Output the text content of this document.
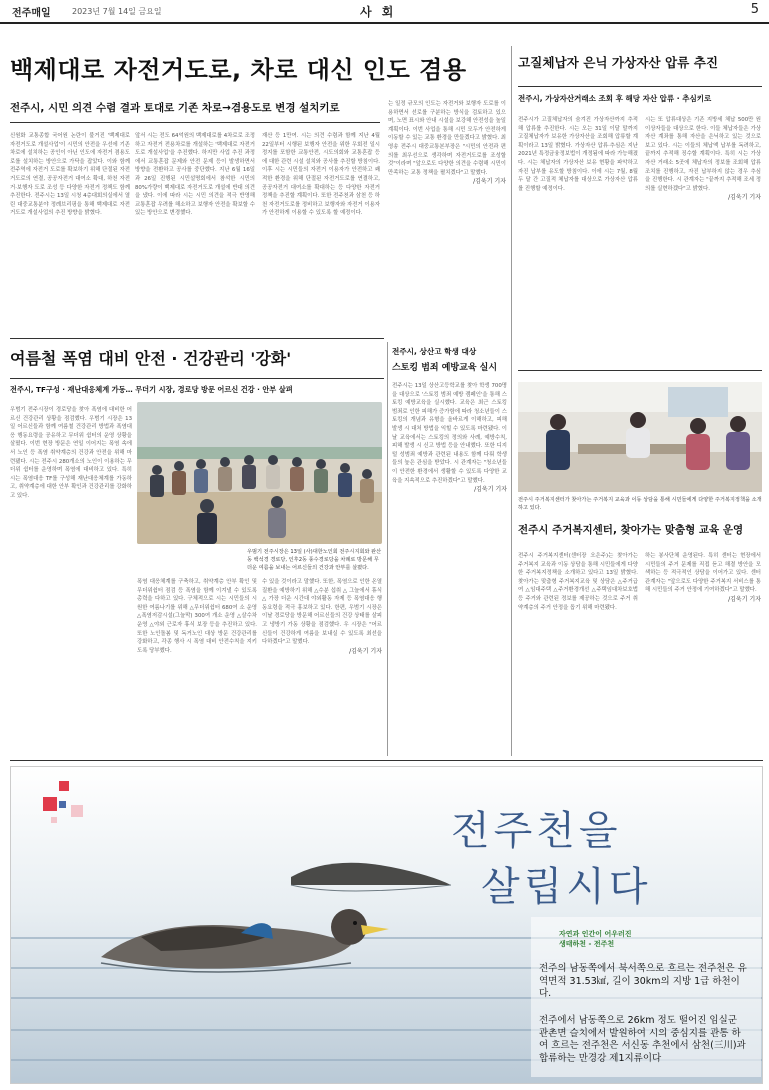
전주매일	2023년 7월 14일 금요일	사 회	5
백제대로 자전거도로, 차로 대신 인도 겸용
전주시, 시민 의견 수렴 결과 토대로 기존 차로→겸용도로 변경 설치키로

신원화 교통종합 국어원 논란이 불거진 '백제대로 자전거도로 개설사업'이 시민의 안전을 우선에 기존 차로에 설치하는 공인이 아닌 인도에 자전거 겸용도로를 설치하는 방안으로 가닥을 잡았다. 이와 함께 전주역에 자전거 도로를 확보하기 위해 단절된 자전거도로의 연결, 공공자전거 대여소 확대, 하천 자전거·보행자 도로 조성 등 다양한 자전거 정책도 함께 추진한다. 전주시는 13일 시청 4층대회의실에서 열린 대중교통분야 정례브리핑을 통해 백제대로 자전거도로 개설사업의 추진 방향을 밝혔다.

앞서 시는 전도 64억원의 백제대로를 4차로로 조정하고 자전거 전용차로를 개설하는 '백제대로 자전거도로 개설사업'을 추진했다. 하지만 사업 추진 과정에서 교통혼잡 문제와 안전 문제 등이 발생하면서 방향을 전환하고 공사를 중단했다. 지난 6월 16일과 26일 진행된 시민설명회에서 참석한 시민의 80%가량이 백제대로 자전거도로 개설에 반대 의견을 냈다. 이에 따라 시는 시민 의견을 적극 반영해 교통혼잡 우려를 해소하고 보행자 안전을 확보할 수 있는 방안으로 변경했다.

재산 등 1만여. 시는 의견 수렴과 함께 지난 4월 22일부터 시행된 보행자 안전을 위한 우회전 일시 정지를 포함한 교통안전, 시도의회와 교통혼잡 등에 대한 관련 시설 설치와 공사를 추진할 방침이다. 이후 시는 시민들의 자전거 이용자가 안전하고 쾌적한 환경을 위해 단절된 자전거도로를 연결하고, 공공자전거 대여소를 확대하는 등 다양한 자전거 정책을 추진할 계획이다. 또한 전주천과 삼천 등 하천 자전거도로를 정비하고 보행자와 자전거 이용자가 안전하게 이용할 수 있도록 할 예정이다.

는 일정 규모의 인도는 자전거와 보행자 도로를 이용하면서 선로를 구분하는 방식을 검토하고 있으며, 노면 표시와 안내 시설을 보강해 안전성을 높일 계획이다. 이번 사업을 통해 시민 모두가 안전하게 이동할 수 있는 교통 환경을 만들겠다고 밝혔다. 최영송 전주시 대중교통본부장은 "시민의 안전과 편의를 최우선으로 생각하며 자전거도로를 조성할 것"이라며 "앞으로도 다양한 의견을 수렴해 시민이 만족하는 교통 정책을 펼치겠다"고 말했다.

/김욱기 기자
고질체납자 은닉 가상자산 압류 추진
전주시, 가상자산거래소 조회 후 해당 자산 압류 · 추심키로

전주시가 고질체납자의 숨겨진 가상자산까지 추적해 압류를 추진한다. 시는 오는 31일 이달 말까지 고질체납자가 보유한 가상자산을 조회해 압류할 계획이라고 13일 밝혔다. 가상자산 압류·추심은 지난 2021년 특정금융정보법이 개정됨에 따라 가능해졌다. 시는 체납자의 가상자산 보유 현황을 파악하고 자진 납부를 유도할 방침이다. 이에 시는 7월, 8월 두 달 간 고질적 체납자를 대상으로 가상자산 압류를 진행할 예정이다.

시는 또 압류대상은 기존 지방세 체납 500만 원 이상자들을 대상으로 한다. 이들 체납자들은 가상자산 계좌를 통해 자산을 은닉하고 있는 것으로 보고 있다. 시는 이들의 체납액 납부를 독려하고, 끝까지 추적해 징수할 계획이다. 특히 시는 가상자산 거래소 5곳에 체납자의 정보를 조회해 압류 조치를 진행하고, 자진 납부하지 않는 경우 추심을 진행한다. 시 관계자는 "끝까지 추적해 조세 정의를 실현하겠다"고 밝혔다.

/김욱기 기자
여름철 폭염 대비 안전 · 건강관리 '강화'
전주시, TF구성 · 재난대응체계 가동… 무더기 시장, 경로당 방문 어르신 건강 · 안부 살펴

우범기 전주시장이 경로당을 찾아 폭염에 대비한 어르신 건강관리 상황을 점검했다. 우범기 시장은 13일 어르신들과 함께 여름철 건강관리 방법과 폭염대응 행동요령을 공유하고 무더위 쉼터의 운영 상황을 살폈다. 이번 현장 방문은 연일 이어지는 폭염 속에서 노인 등 폭염 취약계층의 건강과 안전을 위해 마련됐다. 시는 전주시 280개소의 노인이 이용하는 무더위 쉼터를 운영하며 폭염에 대비하고 있다. 특히 시는 폭염대응 TF를 구성해 재난대응체계를 가동하고, 취약계층에 대한 안부 확인과 건강관리를 강화하고 있다.

우범기 전주시장은 13일 (사)대한노인회 전주시지회와 완산동 백석경 경로당, 인후2동 풍수경로당을 차례로 방문해 무더운 여름을 보내는 어르신들의 건강과 안부를 살폈다.

폭염 대응체계를 구축하고, 취약계층 안부 확인 및 무더위쉼터 점검 등 폭염을 함께 이겨낼 수 있도록 총력을 다하고 있다. 구체적으로 시는 시민들의 시원한 여름나기를 위해 △무더위쉼터 680여 소 운영 △폭염저감시설(그늘막) 300여 개소 운영 △살수차 운영 △야외 근로자 휴식 보장 등을 추진하고 있다. 또한 노인돌봄 및 독거노인 대상 방문 건강관리를 강화하고, 각종 행사 시 폭염 대비 안전수칙을 지키도록 당부했다.

수 있을 것이라고 말했다. 또한, 폭염으로 인한 온열질환을 예방하기 위해 △수분 섭취 △ 그늘에서 휴식 △ 가장 더운 시간대 야외활동 자제 등 폭염대응 행동요령을 적극 홍보하고 있다. 한편, 우범기 시장은 이날 경로당을 방문해 어르신들의 건강 상태를 살피고 냉방기 가동 상황을 점검했다. 우 시장은 "어르신들이 건강하게 여름을 보내실 수 있도록 최선을 다하겠다"고 말했다.

/김욱기 기자
전주시, 상산고 학생 대상
스토킹 범죄 예방교육 실시

전주시는 13일 상산고등학교를 찾아 학생 700명을 대상으로 '스토킹 범죄 예방 캠페인'을 통해 스토킹 예방교육을 실시했다. 교육은 최근 스토킹 범죄로 인한 피해가 증가함에 따라 청소년들이 스토킹의 개념과 유형을 올바르게 이해하고, 피해 발생 시 대처 방법을 익힐 수 있도록 마련됐다. 이날 교육에서는 스토킹의 정의와 사례, 예방수칙, 피해 발생 시 신고 방법 등을 안내했다. 또한 디지털 성범죄 예방과 관련된 내용도 함께 다뤄 학생들의 높은 관심을 받았다. 시 관계자는 "청소년들이 안전한 환경에서 생활할 수 있도록 다양한 교육을 지속적으로 추진하겠다"고 말했다.

/김욱기 기자
전주시 주거복지센터가 찾아가는 주거복지 교육과 이동 상담을 통해 시민들에게 다양한 주거복지정책을 소개하고 있다.
전주시 주거복지센터, 찾아가는 맞춤형 교육 운영

전주시 주거복지센터(센터장 오은주)는 찾아가는 주거복지 교육과 이동 상담을 통해 시민들에게 다양한 주거복지정책을 소개하고 있다고 13일 밝혔다. 찾아가는 맞춤형 주거복지교육 및 상담은 △주거급여 △임대주택 △주거환경개선 △주택임대차보호법 등 주거와 관련된 정보를 제공하는 것으로 주거 취약계층의 주거 안정을 돕기 위해 마련됐다.

하는 봉사단체 운영된다. 특히 센터는 현장에서 시민들의 주거 문제를 직접 듣고 해결 방안을 모색하는 등 적극적인 상담을 이어가고 있다. 센터 관계자는 "앞으로도 다양한 주거복지 서비스를 통해 시민들의 주거 안정에 기여하겠다"고 말했다.

/김욱기 기자
전주천을
살립시다
자연과 인간이 어우러진
생태하천 - 전주천
전주의 남동쪽에서 북서쪽으로 흐르는 전주천은 유역면적 31.53㎢, 길이 30km의 지방 1급 하천이다.
전주에서 남동쪽으로 26km 정도 떨어진 임실군 관촌면 슬치에서 발원하여 시의 중심지를 관통 하여 흐르는 전주천은 서신동 추천에서 삼천(三川)과 합류하는 만경강 제1지류이다
